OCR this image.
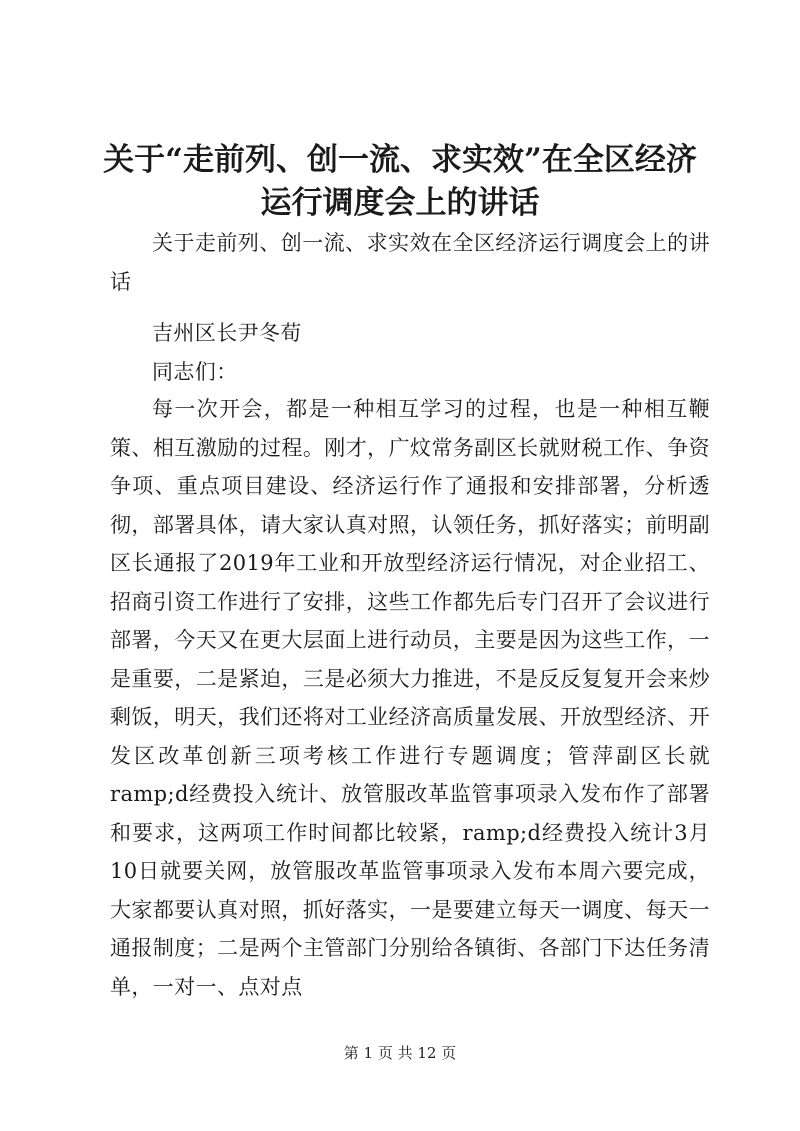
关于“走前列、创一流、求实效”在全区经济
运行调度会上的讲话

关于走前列、创一流、求实效在全区经济运行调度会上的讲话

吉州区长尹冬荀

同志们：

每一次开会，都是一种相互学习的过程，也是一种相互鞭策、相互激励的过程。刚才，广炆常务副区长就财税工作、争资争项、重点项目建设、经济运行作了通报和安排部署，分析透彻，部署具体，请大家认真对照，认领任务，抓好落实；前明副区长通报了2019年工业和开放型经济运行情况，对企业招工、招商引资工作进行了安排，这些工作都先后专门召开了会议进行部署，今天又在更大层面上进行动员，主要是因为这些工作，一是重要，二是紧迫，三是必须大力推进，不是反反复复开会来炒剩饭，明天，我们还将对工业经济高质量发展、开放型经济、开发区改革创新三项考核工作进行专题调度；管萍副区长就ramp;d经费投入统计、放管服改革监管事项录入发布作了部署和要求，这两项工作时间都比较紧，ramp;d经费投入统计3月10日就要关网，放管服改革监管事项录入发布本周六要完成，大家都要认真对照，抓好落实，一是要建立每天一调度、每天一通报制度；二是两个主管部门分别给各镇街、各部门下达任务清单，一对一、点对点

第 1 页 共 12 页
